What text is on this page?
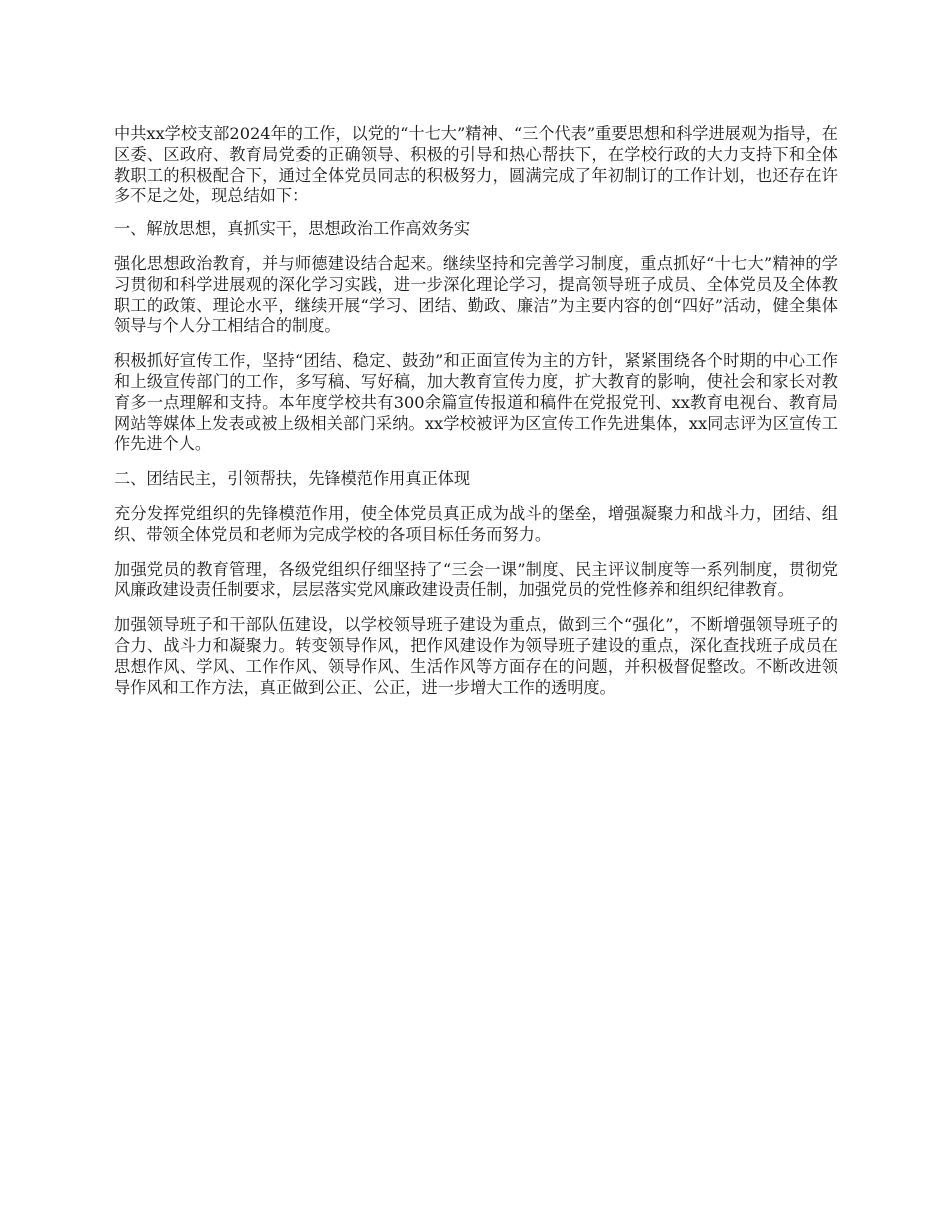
中共xx学校支部2024年的工作，以党的“十七大”精神、“三个代表”重要思想和科学进展观为指导，在区委、区政府、教育局党委的正确领导、积极的引导和热心帮扶下，在学校行政的大力支持下和全体教职工的积极配合下，通过全体党员同志的积极努力，圆满完成了年初制订的工作计划，也还存在许多不足之处，现总结如下：

一、解放思想，真抓实干，思想政治工作高效务实

强化思想政治教育，并与师德建设结合起来。继续坚持和完善学习制度，重点抓好“十七大”精神的学习贯彻和科学进展观的深化学习实践，进一步深化理论学习，提高领导班子成员、全体党员及全体教职工的政策、理论水平，继续开展“学习、团结、勤政、廉洁”为主要内容的创“四好”活动，健全集体领导与个人分工相结合的制度。

积极抓好宣传工作，坚持“团结、稳定、鼓劲”和正面宣传为主的方针，紧紧围绕各个时期的中心工作和上级宣传部门的工作，多写稿、写好稿，加大教育宣传力度，扩大教育的影响，使社会和家长对教育多一点理解和支持。本年度学校共有300余篇宣传报道和稿件在党报党刊、xx教育电视台、教育局网站等媒体上发表或被上级相关部门采纳。xx学校被评为区宣传工作先进集体，xx同志评为区宣传工作先进个人。

二、团结民主，引领帮扶，先锋模范作用真正体现

充分发挥党组织的先锋模范作用，使全体党员真正成为战斗的堡垒，增强凝聚力和战斗力，团结、组织、带领全体党员和老师为完成学校的各项目标任务而努力。

加强党员的教育管理，各级党组织仔细坚持了“三会一课”制度、民主评议制度等一系列制度，贯彻党风廉政建设责任制要求，层层落实党风廉政建设责任制，加强党员的党性修养和组织纪律教育。

加强领导班子和干部队伍建设，以学校领导班子建设为重点，做到三个“强化”，不断增强领导班子的合力、战斗力和凝聚力。转变领导作风，把作风建设作为领导班子建设的重点，深化查找班子成员在思想作风、学风、工作作风、领导作风、生活作风等方面存在的问题，并积极督促整改。不断改进领导作风和工作方法，真正做到公正、公正，进一步增大工作的透明度。
